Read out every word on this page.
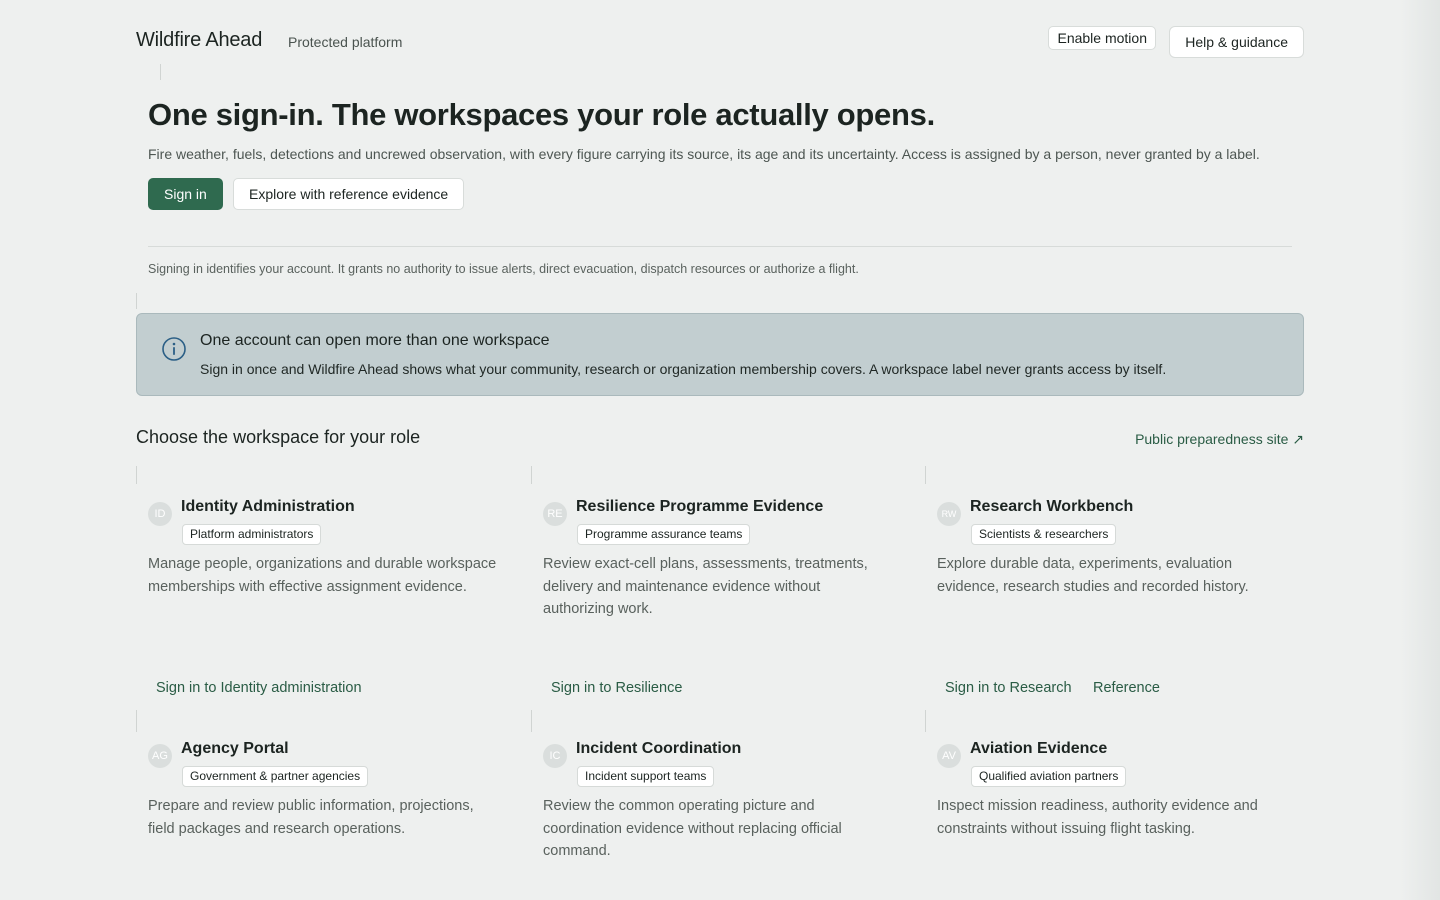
Wildfire Ahead Protected platform	Enable motion	Help & guidance
One sign-in. The workspaces your role actually opens.

Fire weather, fuels, detections and uncrewed observation, with every figure carrying its source, its age and its uncertainty. Access is assigned by a person, never granted by a label.

Sign in	Explore with reference evidence

Signing in identifies your account. It grants no authority to issue alerts, direct evacuation, dispatch resources or authorize a flight.

One account can open more than one workspace
Sign in once and Wildfire Ahead shows what your community, research or organization membership covers. A workspace label never grants access by itself.
Choose the workspace for your role	Public preparedness site ↗
ID Identity Administration
Platform administrators

Manage people, organizations and durable workspace memberships with effective assignment evidence.

Sign in to Identity administration
RE Resilience Programme Evidence
Programme assurance teams

Review exact-cell plans, assessments, treatments, delivery and maintenance evidence without authorizing work.

Sign in to Resilience
RW Research Workbench
Scientists & researchers

Explore durable data, experiments, evaluation evidence, research studies and recorded history.

Sign in to Research Reference
AG Agency Portal
Government & partner agencies

Prepare and review public information, projections, field packages and research operations.

IC Incident Coordination
Incident support teams

Review the common operating picture and coordination evidence without replacing official command.

AV Aviation Evidence
Qualified aviation partners

Inspect mission readiness, authority evidence and constraints without issuing flight tasking.
